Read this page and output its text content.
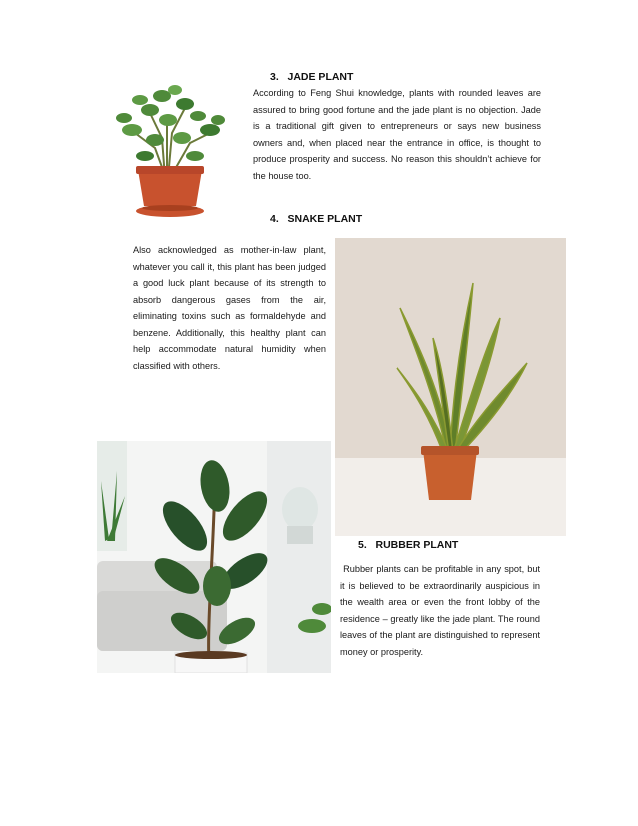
3.   JADE PLANT
According to Feng Shui knowledge, plants with rounded leaves are assured to bring good fortune and the jade plant is no objection. Jade is a traditional gift given to entrepreneurs or says new business owners and, when placed near the entrance in office, is thought to produce prosperity and success. No reason this shouldn’t achieve for the house too.
4.   SNAKE PLANT
Also acknowledged as mother-in-law plant, whatever you call it, this plant has been judged a good luck plant because of its strength to absorb dangerous gases from the air, eliminating toxins such as formaldehyde and benzene. Additionally, this healthy plant can help accommodate natural humidity when classified with others.
5.   RUBBER PLANT
Rubber plants can be profitable in any spot, but it is believed to be extraordinarily auspicious in the wealth area or even the front lobby of the residence – greatly like the jade plant. The round leaves of the plant are distinguished to represent money or prosperity.
